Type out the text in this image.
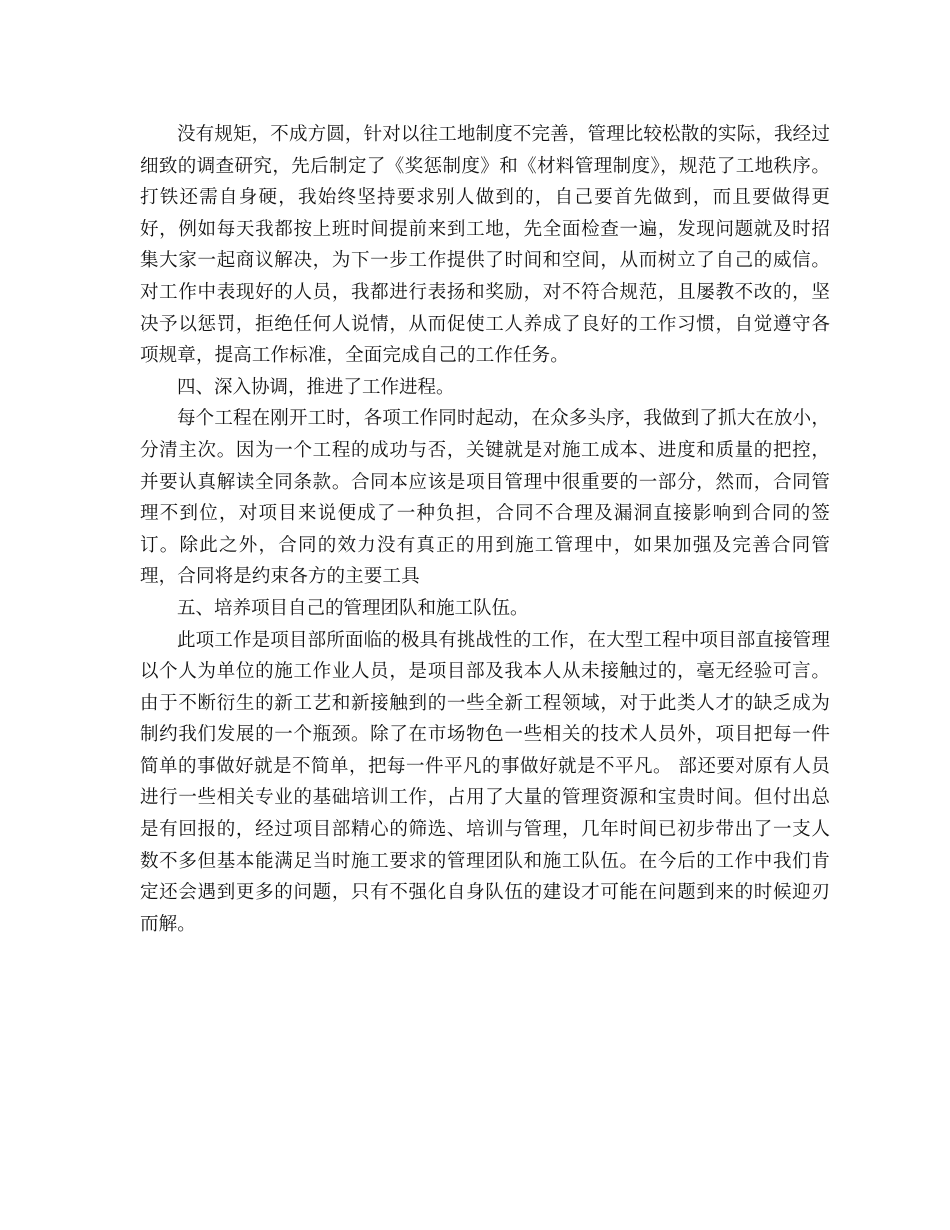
没有规矩，不成方圆，针对以往工地制度不完善，管理比较松散的实际，我经过细致的调查研究，先后制定了《奖惩制度》和《材料管理制度》，规范了工地秩序。打铁还需自身硬，我始终坚持要求别人做到的，自己要首先做到，而且要做得更好，例如每天我都按上班时间提前来到工地，先全面检查一遍，发现问题就及时招集大家一起商议解决，为下一步工作提供了时间和空间，从而树立了自己的威信。对工作中表现好的人员，我都进行表扬和奖励，对不符合规范，且屡教不改的，坚决予以惩罚，拒绝任何人说情，从而促使工人养成了良好的工作习惯，自觉遵守各项规章，提高工作标准，全面完成自己的工作任务。

四、深入协调，推进了工作进程。

每个工程在刚开工时，各项工作同时起动，在众多头序，我做到了抓大在放小，分清主次。因为一个工程的成功与否，关键就是对施工成本、进度和质量的把控，并要认真解读全同条款。合同本应该是项目管理中很重要的一部分，然而，合同管理不到位，对项目来说便成了一种负担，合同不合理及漏洞直接影响到合同的签订。除此之外，合同的效力没有真正的用到施工管理中，如果加强及完善合同管理，合同将是约束各方的主要工具

五、培养项目自己的管理团队和施工队伍。

此项工作是项目部所面临的极具有挑战性的工作，在大型工程中项目部直接管理以个人为单位的施工作业人员，是项目部及我本人从未接触过的，毫无经验可言。由于不断衍生的新工艺和新接触到的一些全新工程领域，对于此类人才的缺乏成为制约我们发展的一个瓶颈。除了在市场物色一些相关的技术人员外，项目把每一件简单的事做好就是不简单，把每一件平凡的事做好就是不平凡。 部还要对原有人员进行一些相关专业的基础培训工作，占用了大量的管理资源和宝贵时间。但付出总是有回报的，经过项目部精心的筛选、培训与管理，几年时间已初步带出了一支人数不多但基本能满足当时施工要求的管理团队和施工队伍。在今后的工作中我们肯定还会遇到更多的问题，只有不强化自身队伍的建设才可能在问题到来的时候迎刃而解。
